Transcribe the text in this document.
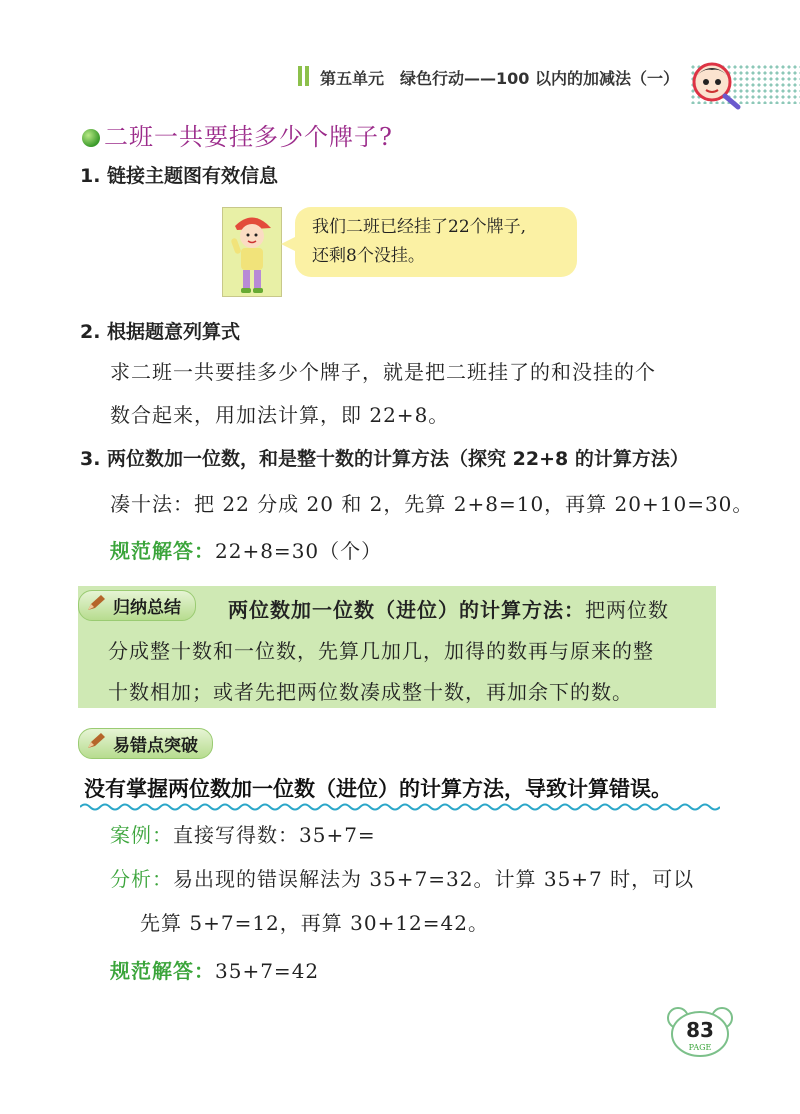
第五单元 绿色行动——100 以内的加减法（一）
二班一共要挂多少个牌子?
1. 链接主题图有效信息
我们二班已经挂了22个牌子,
还剩8个没挂。
2. 根据题意列算式
求二班一共要挂多少个牌子，就是把二班挂了的和没挂的个
数合起来，用加法计算，即 22+8。
3. 两位数加一位数，和是整十数的计算方法（探究 22+8 的计算方法）
凑十法：把 22 分成 20 和 2，先算 2+8=10，再算 20+10=30。
规范解答：22+8=30（个）
归纳总结	两位数加一位数（进位）的计算方法：把两位数
分成整十数和一位数，先算几加几，加得的数再与原来的整
十数相加；或者先把两位数凑成整十数，再加余下的数。
易错点突破
没有掌握两位数加一位数（进位）的计算方法，导致计算错误。
案例：直接写得数：35+7=
分析：易出现的错误解法为 35+7=32。计算 35+7 时，可以
先算 5+7=12，再算 30+12=42。
规范解答：35+7=42
83
PAGE
